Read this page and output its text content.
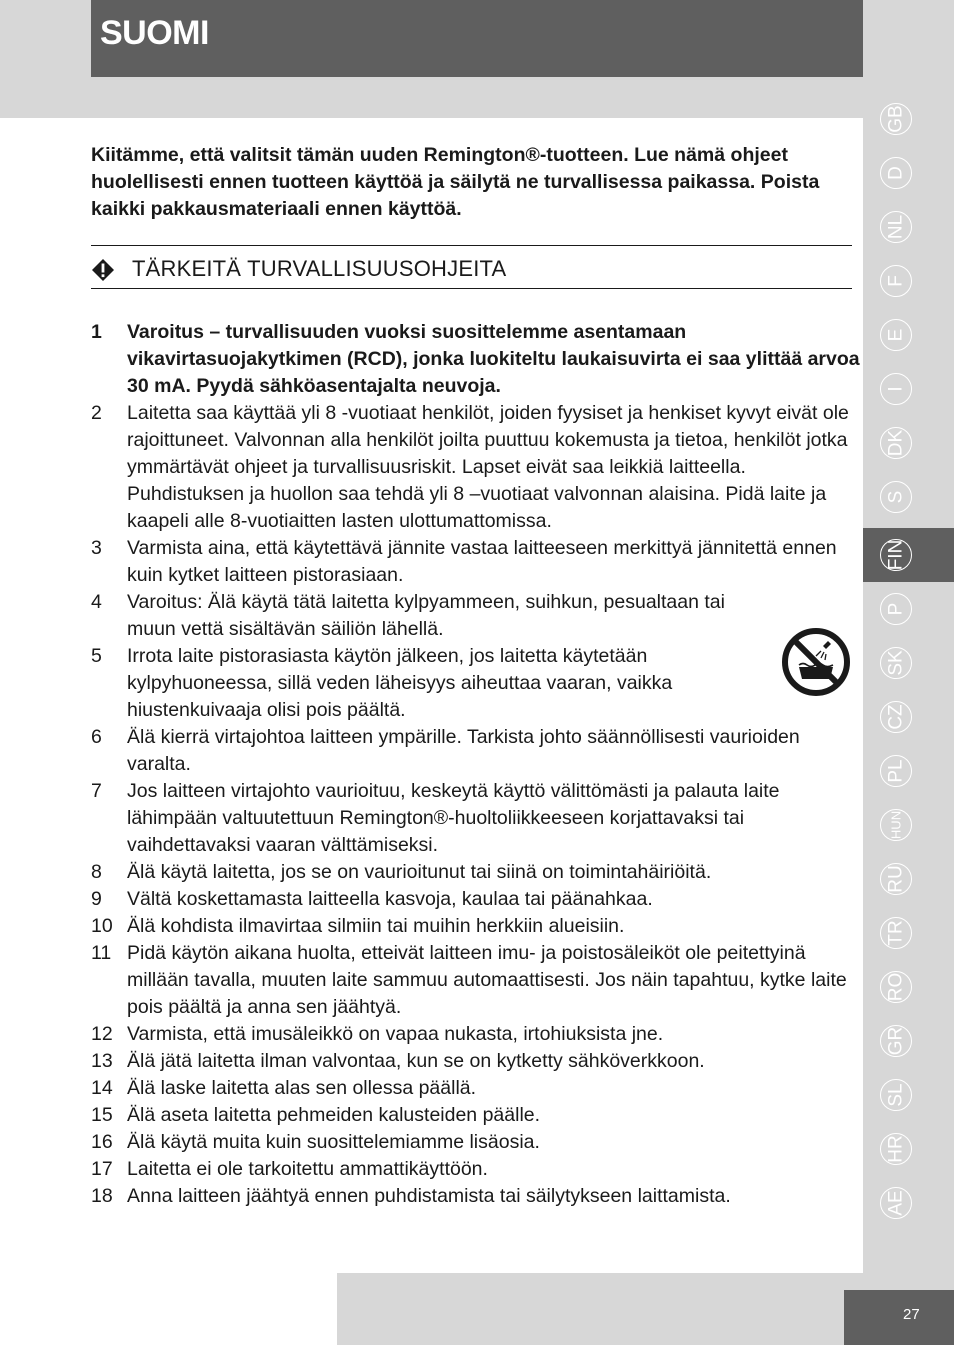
SUOMI

Kiitämme, että valitsit tämän uuden Remington®-tuotteen. Lue nämä ohjeet huolellisesti ennen tuotteen käyttöä ja säilytä ne turvallisessa paikassa. Poista kaikki pakkausmateriaali ennen käyttöä.

TÄRKEITÄ TURVALLISUUSOHJEITA
1	Varoitus – turvallisuuden vuoksi suosittelemme asentamaan vikavirtasuojakytkimen (RCD), jonka luokiteltu laukaisuvirta ei saa ylittää arvoa 30 mA. Pyydä sähköasentajalta neuvoja.
2	Laitetta saa käyttää yli 8 -vuotiaat henkilöt, joiden fyysiset ja henkiset kyvyt eivät ole rajoittuneet. Valvonnan alla henkilöt joilta puuttuu kokemusta ja tietoa, henkilöt jotka ymmärtävät ohjeet ja turvallisuusriskit. Lapset eivät saa leikkiä laitteella. Puhdistuksen ja huollon saa tehdä yli 8 –vuotiaat valvonnan alaisina. Pidä laite ja kaapeli alle 8-vuotiaitten lasten ulottumattomissa.
3	Varmista aina, että käytettävä jännite vastaa laitteeseen merkittyä jännitettä ennen kuin kytket laitteen pistorasiaan.
4	Varoitus: Älä käytä tätä laitetta kylpyammeen, suihkun, pesualtaan tai muun vettä sisältävän säiliön lähellä.
5	Irrota laite pistorasiasta käytön jälkeen, jos laitetta käytetään kylpyhuoneessa, sillä veden läheisyys aiheuttaa vaaran, vaikka hiustenkuivaaja olisi pois päältä.
6	Älä kierrä virtajohtoa laitteen ympärille. Tarkista johto säännöllisesti vaurioiden varalta.
7	Jos laitteen virtajohto vaurioituu, keskeytä käyttö välittömästi ja palauta laite lähimpään valtuutettuun Remington®-huoltoliikkeeseen korjattavaksi tai vaihdettavaksi vaaran välttämiseksi.
8	Älä käytä laitetta, jos se on vaurioitunut tai siinä on toimintahäiriöitä.
9	Vältä koskettamasta laitteella kasvoja, kaulaa tai päänahkaa.
10 Älä kohdista ilmavirtaa silmiin tai muihin herkkiin alueisiin.
11 Pidä käytön aikana huolta, etteivät laitteen imu- ja poistosäleiköt ole peitettyinä millään tavalla, muuten laite sammuu automaattisesti. Jos näin tapahtuu, kytke laite pois päältä ja anna sen jäähtyä.
12 Varmista, että imusäleikkö on vapaa nukasta, irtohiuksista jne.
13 Älä jätä laitetta ilman valvontaa, kun se on kytketty sähköverkkoon.
14 Älä laske laitetta alas sen ollessa päällä.
15 Älä aseta laitetta pehmeiden kalusteiden päälle.
16 Älä käytä muita kuin suosittelemiamme lisäosia.
17 Laitetta ei ole tarkoitettu ammattikäyttöön.
18 Anna laitteen jäähtyä ennen puhdistamista tai säilytykseen laittamista.
GB
D
NL
F
E
I
DK
S
FIN
P
SK
CZ
PL
HUN
RU
TR
RO
GR
SL
HR
AE
27
